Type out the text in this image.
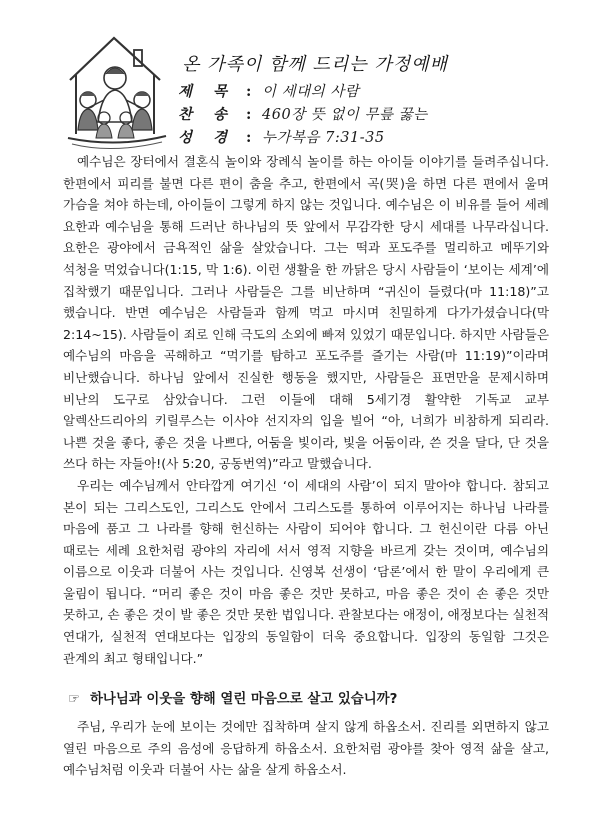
온 가족이 함께 드리는 가정예배
제 목 : 이 세대의 사람
찬 송 : 460장 뜻 없이 무릎 꿇는
성 경 : 누가복음 7:31-35

예수님은 장터에서 결혼식 놀이와 장례식 놀이를 하는 아이들 이야기를 들려주십니다. 한편에서 피리를 불면 다른 편이 춤을 추고, 한편에서 곡(哭)을 하면 다른 편에서 울며 가슴을 쳐야 하는데, 아이들이 그렇게 하지 않는 것입니다. 예수님은 이 비유를 들어 세례 요한과 예수님을 통해 드러난 하나님의 뜻 앞에서 무감각한 당시 세대를 나무라십니다. 요한은 광야에서 금욕적인 삶을 살았습니다. 그는 떡과 포도주를 멀리하고 메뚜기와 석청을 먹었습니다(1:15, 막 1:6). 이런 생활을 한 까닭은 당시 사람들이 ‘보이는 세계’에 집착했기 때문입니다. 그러나 사람들은 그를 비난하며 “귀신이 들렸다(마 11:18)”고 했습니다. 반면 예수님은 사람들과 함께 먹고 마시며 친밀하게 다가가셨습니다(막 2:14~15). 사람들이 죄로 인해 극도의 소외에 빠져 있었기 때문입니다. 하지만 사람들은 예수님의 마음을 곡해하고 “먹기를 탐하고 포도주를 즐기는 사람(마 11:19)”이라며 비난했습니다. 하나님 앞에서 진실한 행동을 했지만, 사람들은 표면만을 문제시하며 비난의 도구로 삼았습니다. 그런 이들에 대해 5세기경 활약한 기독교 교부 알렉산드리아의 키릴루스는 이사야 선지자의 입을 빌어 “아, 너희가 비참하게 되리라. 나쁜 것을 좋다, 좋은 것을 나쁘다, 어둠을 빛이라, 빛을 어둠이라, 쓴 것을 달다, 단 것을 쓰다 하는 자들아!(사 5:20, 공동번역)”라고 말했습니다.

우리는 예수님께서 안타깝게 여기신 ‘이 세대의 사람’이 되지 말아야 합니다. 참되고 본이 되는 그리스도인, 그리스도 안에서 그리스도를 통하여 이루어지는 하나님 나라를 마음에 품고 그 나라를 향해 헌신하는 사람이 되어야 합니다. 그 헌신이란 다름 아닌 때로는 세례 요한처럼 광야의 자리에 서서 영적 지향을 바르게 갖는 것이며, 예수님의 이름으로 이웃과 더불어 사는 것입니다. 신영복 선생이 ‘담론’에서 한 말이 우리에게 큰 울림이 됩니다. “머리 좋은 것이 마음 좋은 것만 못하고, 마음 좋은 것이 손 좋은 것만 못하고, 손 좋은 것이 발 좋은 것만 못한 법입니다. 관찰보다는 애정이, 애정보다는 실천적 연대가, 실천적 연대보다는 입장의 동일함이 더욱 중요합니다. 입장의 동일함 그것은 관계의 최고 형태입니다.”

☞ 하나님과 이웃을 향해 열린 마음으로 살고 있습니까?

주님, 우리가 눈에 보이는 것에만 집착하며 살지 않게 하옵소서. 진리를 외면하지 않고 열린 마음으로 주의 음성에 응답하게 하옵소서. 요한처럼 광야를 찾아 영적 삶을 살고, 예수님처럼 이웃과 더불어 사는 삶을 살게 하옵소서.
